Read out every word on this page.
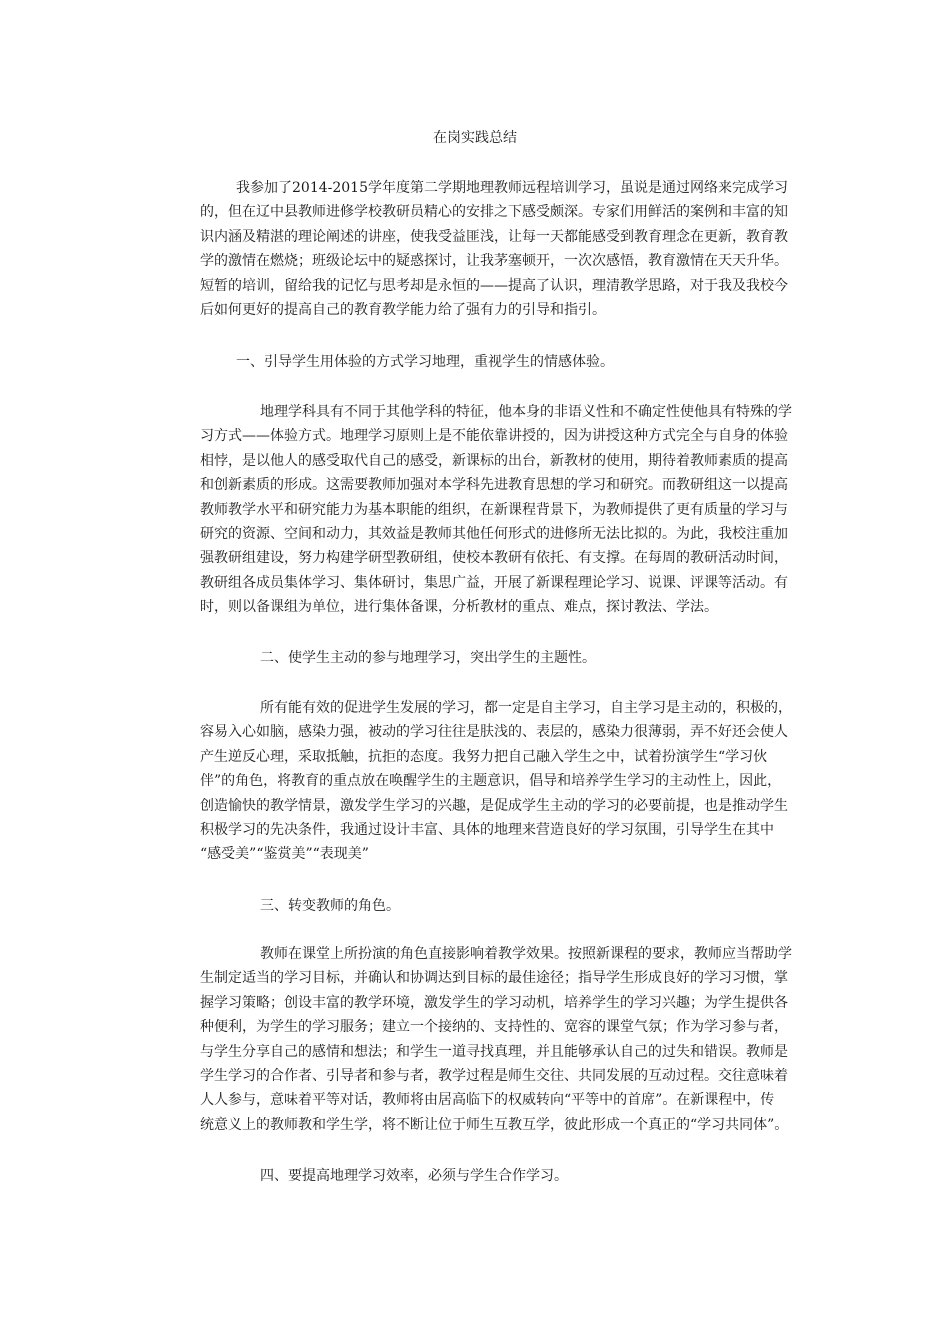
在岗实践总结
我参加了2014-2015学年度第二学期地理教师远程培训学习，虽说是通过网络来完成学习
的，但在辽中县教师进修学校教研员精心的安排之下感受颇深。专家们用鲜活的案例和丰富的知
识内涵及精湛的理论阐述的讲座，使我受益匪浅，让每一天都能感受到教育理念在更新，教育教
学的激情在燃烧；班级论坛中的疑惑探讨，让我茅塞顿开，一次次感悟，教育激情在天天升华。
短暂的培训，留给我的记忆与思考却是永恒的——提高了认识，理清教学思路，对于我及我校今
后如何更好的提高自己的教育教学能力给了强有力的引导和指引。
一、引导学生用体验的方式学习地理，重视学生的情感体验。
地理学科具有不同于其他学科的特征，他本身的非语义性和不确定性使他具有特殊的学
习方式——体验方式。地理学习原则上是不能依靠讲授的，因为讲授这种方式完全与自身的体验
相悖，是以他人的感受取代自己的感受，新课标的出台，新教材的使用，期待着教师素质的提高
和创新素质的形成。这需要教师加强对本学科先进教育思想的学习和研究。而教研组这一以提高
教师教学水平和研究能力为基本职能的组织，在新课程背景下，为教师提供了更有质量的学习与
研究的资源、空间和动力，其效益是教师其他任何形式的进修所无法比拟的。为此，我校注重加
强教研组建设，努力构建学研型教研组，使校本教研有依托、有支撑。在每周的教研活动时间，
教研组各成员集体学习、集体研讨，集思广益，开展了新课程理论学习、说课、评课等活动。有
时，则以备课组为单位，进行集体备课，分析教材的重点、难点，探讨教法、学法。
二、使学生主动的参与地理学习，突出学生的主题性。
所有能有效的促进学生发展的学习，都一定是自主学习，自主学习是主动的，积极的，
容易入心如脑，感染力强，被动的学习往往是肤浅的、表层的，感染力很薄弱，弄不好还会使人
产生逆反心理，采取抵触，抗拒的态度。我努力把自己融入学生之中，试着扮演学生“学习伙
伴”的角色，将教育的重点放在唤醒学生的主题意识，倡导和培养学生学习的主动性上，因此，
创造愉快的教学情景，激发学生学习的兴趣，是促成学生主动的学习的必要前提，也是推动学生
积极学习的先决条件，我通过设计丰富、具体的地理来营造良好的学习氛围，引导学生在其中
“感受美”“鉴赏美”“表现美”
三、转变教师的角色。
教师在课堂上所扮演的角色直接影响着教学效果。按照新课程的要求，教师应当帮助学
生制定适当的学习目标，并确认和协调达到目标的最佳途径；指导学生形成良好的学习习惯，掌
握学习策略；创设丰富的教学环境，激发学生的学习动机，培养学生的学习兴趣；为学生提供各
种便利，为学生的学习服务；建立一个接纳的、支持性的、宽容的课堂气氛；作为学习参与者，
与学生分享自己的感情和想法；和学生一道寻找真理，并且能够承认自己的过失和错误。教师是
学生学习的合作者、引导者和参与者，教学过程是师生交往、共同发展的互动过程。交往意味着
人人参与，意味着平等对话，教师将由居高临下的权威转向“平等中的首席”。在新课程中，传
统意义上的教师教和学生学，将不断让位于师生互教互学，彼此形成一个真正的“学习共同体”。
四、要提高地理学习效率，必须与学生合作学习。
